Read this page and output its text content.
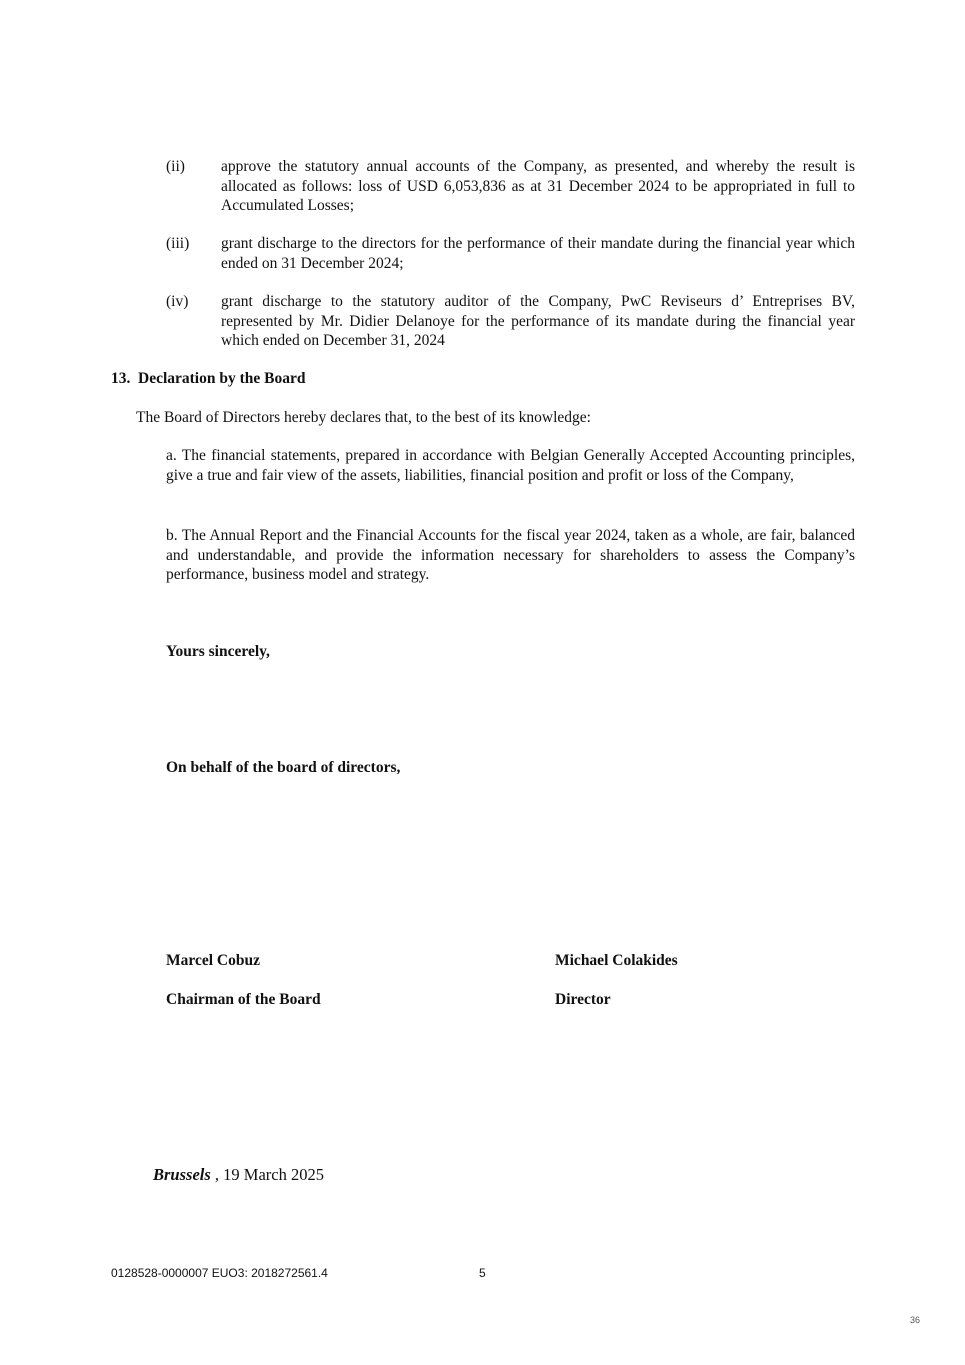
(ii)	approve the statutory annual accounts of the Company, as presented, and whereby the result is allocated as follows: loss of USD 6,053,836 as at 31 December 2024 to be appropriated in full to Accumulated Losses;
(iii)	grant discharge to the directors for the performance of their mandate during the financial year which ended on 31 December 2024;
(iv)	grant discharge to the statutory auditor of the Company, PwC Reviseurs d’ Entreprises BV, represented by Mr. Didier Delanoye for the performance of its mandate during the financial year which ended on December 31, 2024
13. Declaration by the Board
The Board of Directors hereby declares that, to the best of its knowledge:
a. The financial statements, prepared in accordance with Belgian Generally Accepted Accounting principles, give a true and fair view of the assets, liabilities, financial position and profit or loss of the Company,
b. The Annual Report and the Financial Accounts for the fiscal year 2024, taken as a whole, are fair, balanced and understandable, and provide the information necessary for shareholders to assess the Company’s performance, business model and strategy.
Yours sincerely,
On behalf of the board of directors,
Marcel Cobuz
Chairman of the Board
Michael Colakides
Director
Brussels , 19 March 2025
0128528-0000007 EUO3: 2018272561.4	5
36
